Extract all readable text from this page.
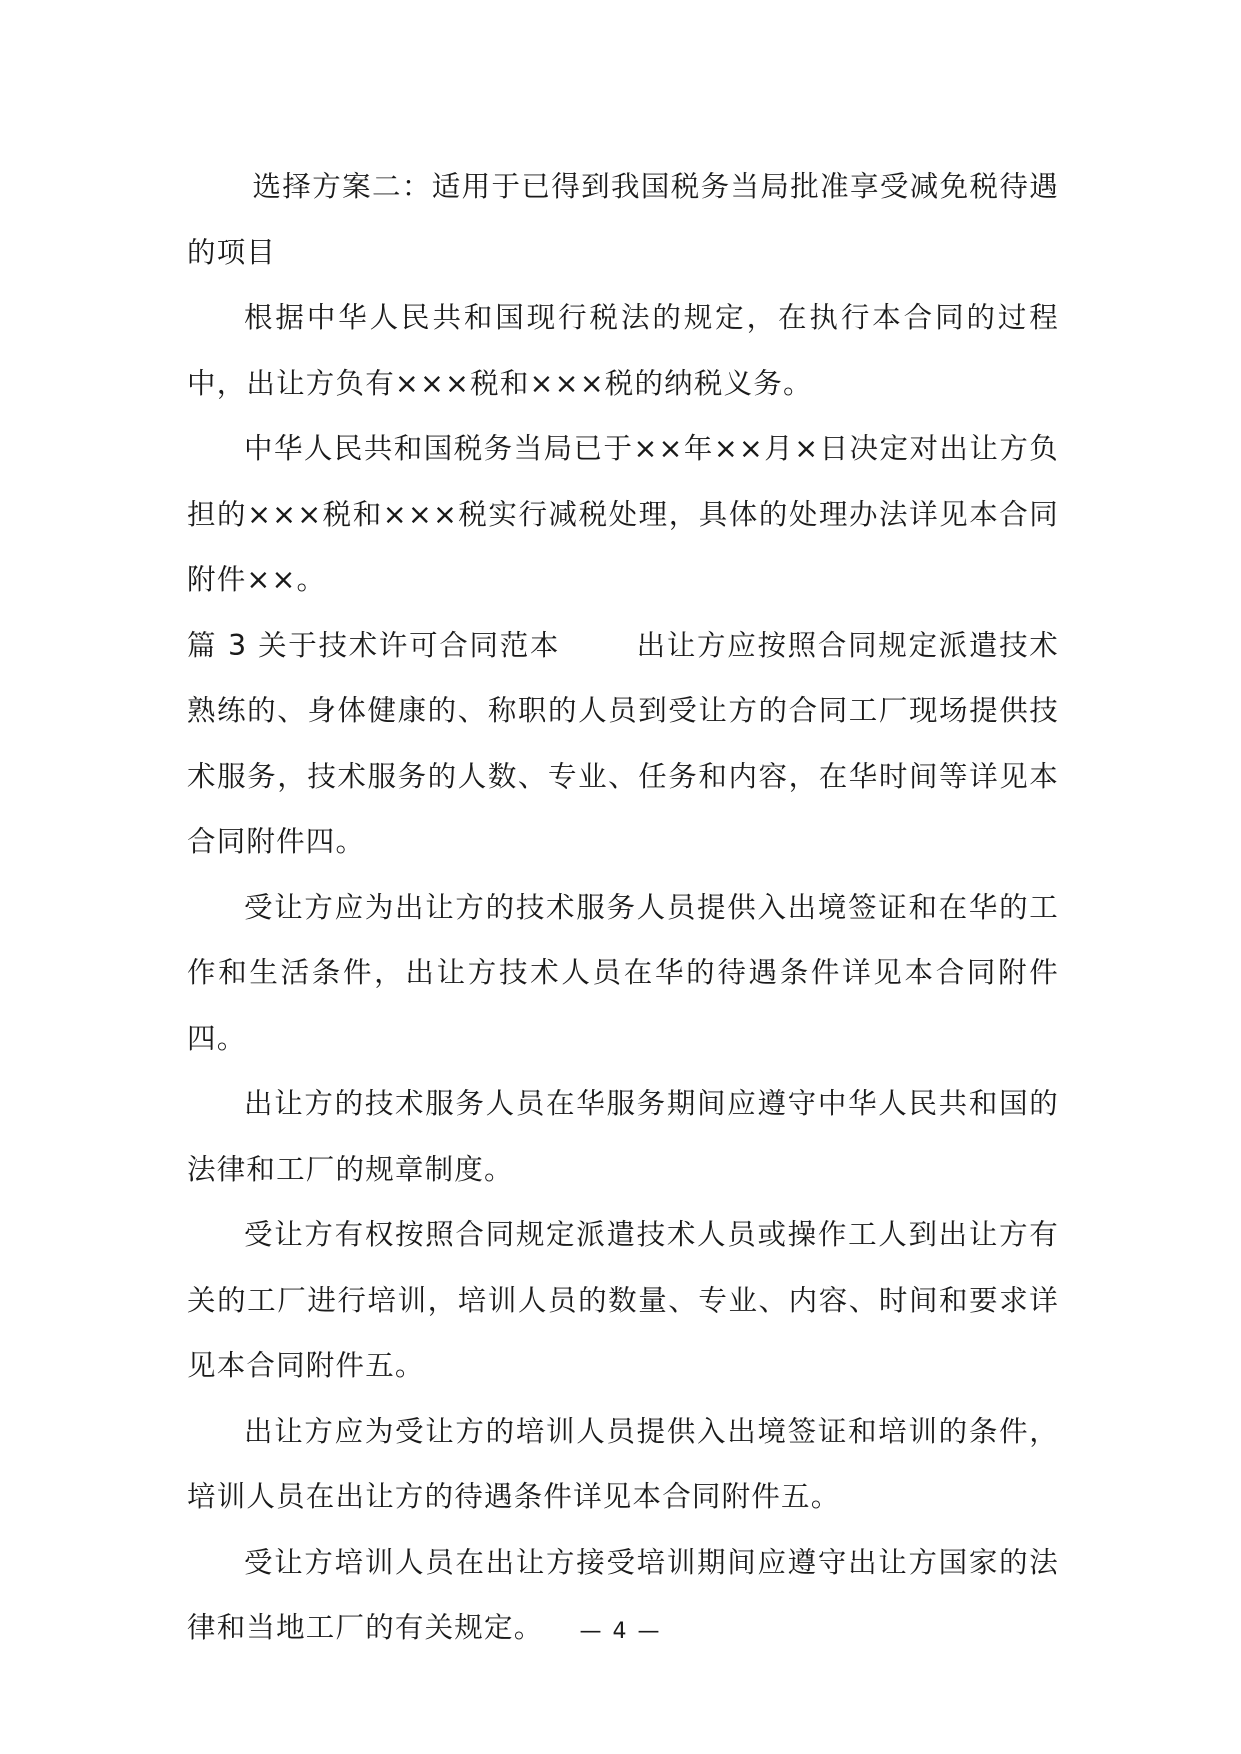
选择方案二：适用于已得到我国税务当局批准享受减免税待遇的项目

根据中华人民共和国现行税法的规定，在执行本合同的过程中，出让方负有×××税和×××税的纳税义务。

中华人民共和国税务当局已于××年××月×日决定对出让方负担的×××税和×××税实行减税处理，具体的处理办法详见本合同附件××。

篇 3 关于技术许可合同范本	出让方应按照合同规定派遣技术熟练的、身体健康的、称职的人员到受让方的合同工厂现场提供技术服务，技术服务的人数、专业、任务和内容，在华时间等详见本合同附件四。

受让方应为出让方的技术服务人员提供入出境签证和在华的工作和生活条件，出让方技术人员在华的待遇条件详见本合同附件四。

出让方的技术服务人员在华服务期间应遵守中华人民共和国的法律和工厂的规章制度。

受让方有权按照合同规定派遣技术人员或操作工人到出让方有关的工厂进行培训，培训人员的数量、专业、内容、时间和要求详见本合同附件五。

出让方应为受让方的培训人员提供入出境签证和培训的条件，培训人员在出让方的待遇条件详见本合同附件五。

受让方培训人员在出让方接受培训期间应遵守出让方国家的法律和当地工厂的有关规定。	— 4 —
